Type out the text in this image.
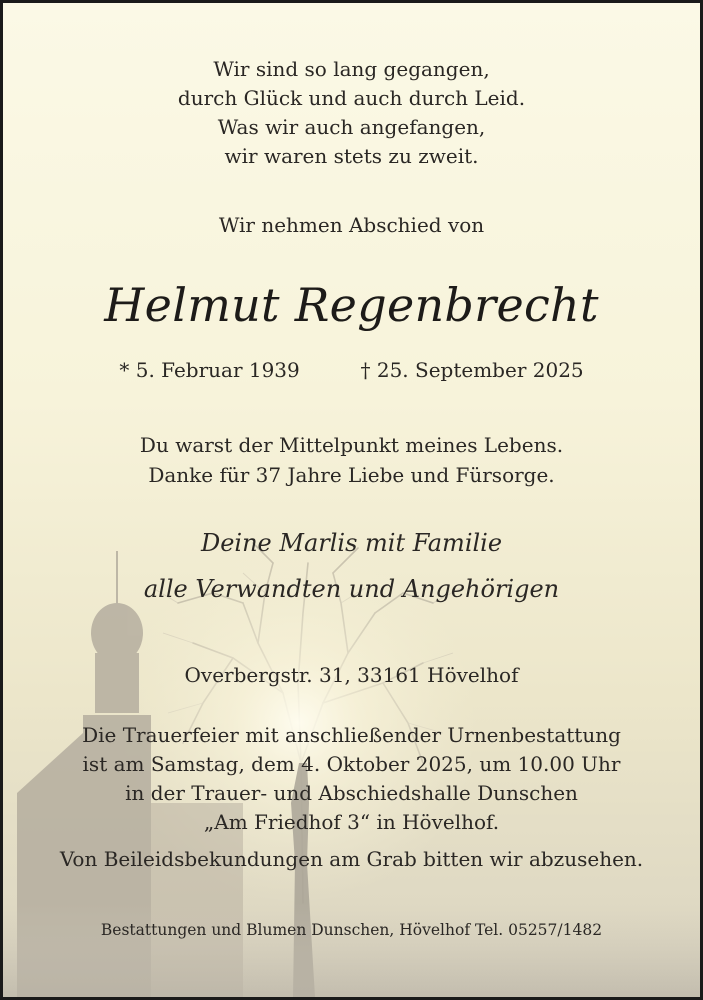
Wir sind so lang gegangen,
durch Glück und auch durch Leid.
Was wir auch angefangen,
wir waren stets zu zweit.
Wir nehmen Abschied von
Helmut Regenbrecht
* 5. Februar 1939	† 25. September 2025
Du warst der Mittelpunkt meines Lebens.
Danke für 37 Jahre Liebe und Fürsorge.
Deine Marlis mit Familie
alle Verwandten und Angehörigen
Overbergstr. 31, 33161 Hövelhof
Die Trauerfeier mit anschließender Urnenbestattung
ist am Samstag, dem 4. Oktober 2025, um 10.00 Uhr
in der Trauer- und Abschiedshalle Dunschen
„Am Friedhof 3“ in Hövelhof.
Von Beileidsbekundungen am Grab bitten wir abzusehen.
Bestattungen und Blumen Dunschen, Hövelhof Tel. 05257/1482
